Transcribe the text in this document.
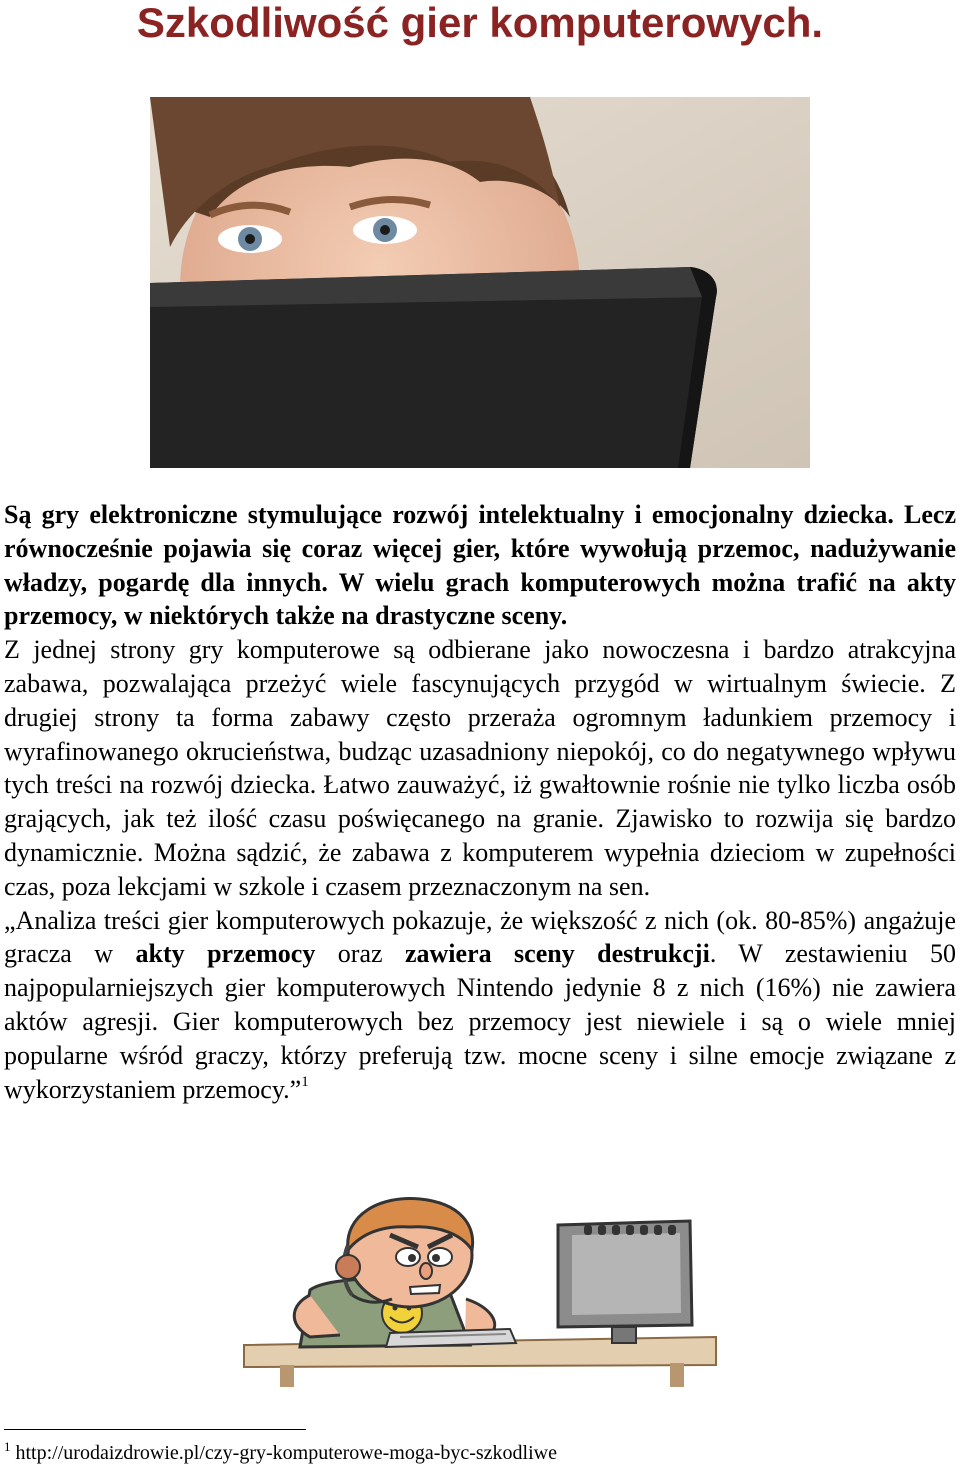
Szkodliwość gier komputerowych.

Są gry elektroniczne stymulujące rozwój intelektualny i emocjonalny dziecka. Lecz równocześnie pojawia się coraz więcej gier, które wywołują przemoc, nadużywanie władzy, pogardę dla innych. W wielu grach komputerowych można trafić na akty przemocy, w niektórych także na drastyczne sceny.

Z jednej strony gry komputerowe są odbierane jako nowoczesna i bardzo atrakcyjna zabawa, pozwalająca przeżyć wiele fascynujących przygód w wirtualnym świecie. Z drugiej strony ta forma zabawy często przeraża ogromnym ładunkiem przemocy i wyrafinowanego okrucieństwa, budząc uzasadniony niepokój, co do negatywnego wpływu tych treści na rozwój dziecka. Łatwo zauważyć, iż gwałtownie rośnie nie tylko liczba osób grających, jak też ilość czasu poświęcanego na granie. Zjawisko to rozwija się bardzo dynamicznie. Można sądzić, że zabawa z komputerem wypełnia dzieciom w zupełności czas, poza lekcjami w szkole i czasem przeznaczonym na sen.

„Analiza treści gier komputerowych pokazuje, że większość z nich (ok. 80-85%) angażuje gracza w akty przemocy oraz zawiera sceny destrukcji. W zestawieniu 50 najpopularniejszych gier komputerowych Nintendo jedynie 8 z nich (16%) nie zawiera aktów agresji. Gier komputerowych bez przemocy jest niewiele i są o wiele mniej popularne wśród graczy, którzy preferują tzw. mocne sceny i silne emocje związane z wykorzystaniem przemocy.”$^1$

$^1$ http://urodaizdrowie.pl/czy-gry-komputerowe-moga-byc-szkodliwe
